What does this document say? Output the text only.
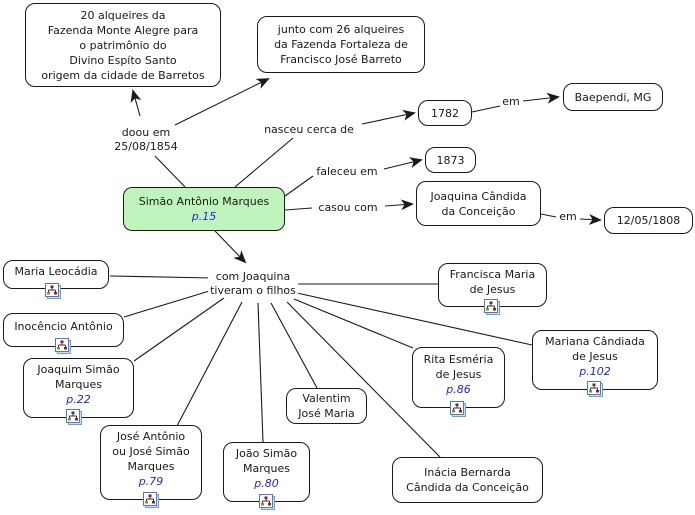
20 alqueires da
Fazenda Monte Alegre para
o patrimônio do
Divino Espíto Santo
origem da cidade de Barretos
junto com 26 alqueires
da Fazenda Fortaleza de
Francisco José Barreto
1782
Baependi, MG
1873
Joaquina Cândida
da Conceição
12/05/1808
Simão Antônio Marques
p.15
Maria Leocádia
Inocêncio Antônio
Joaquim Simão
Marques
p.22
José Antônio
ou José Simão
Marques
p.79
João Simão
Marques
p.80
Valentim
José Maria
Francisca Maria
de Jesus
Rita Esméria
de Jesus
p.86
Mariana Cândiada
de Jesus
p.102
Inácia Bernarda
Cândida da Conceição
doou em
25/08/1854
nasceu cerca de
faleceu em
casou com
em
em
com Joaquina
tiveram o filhos
